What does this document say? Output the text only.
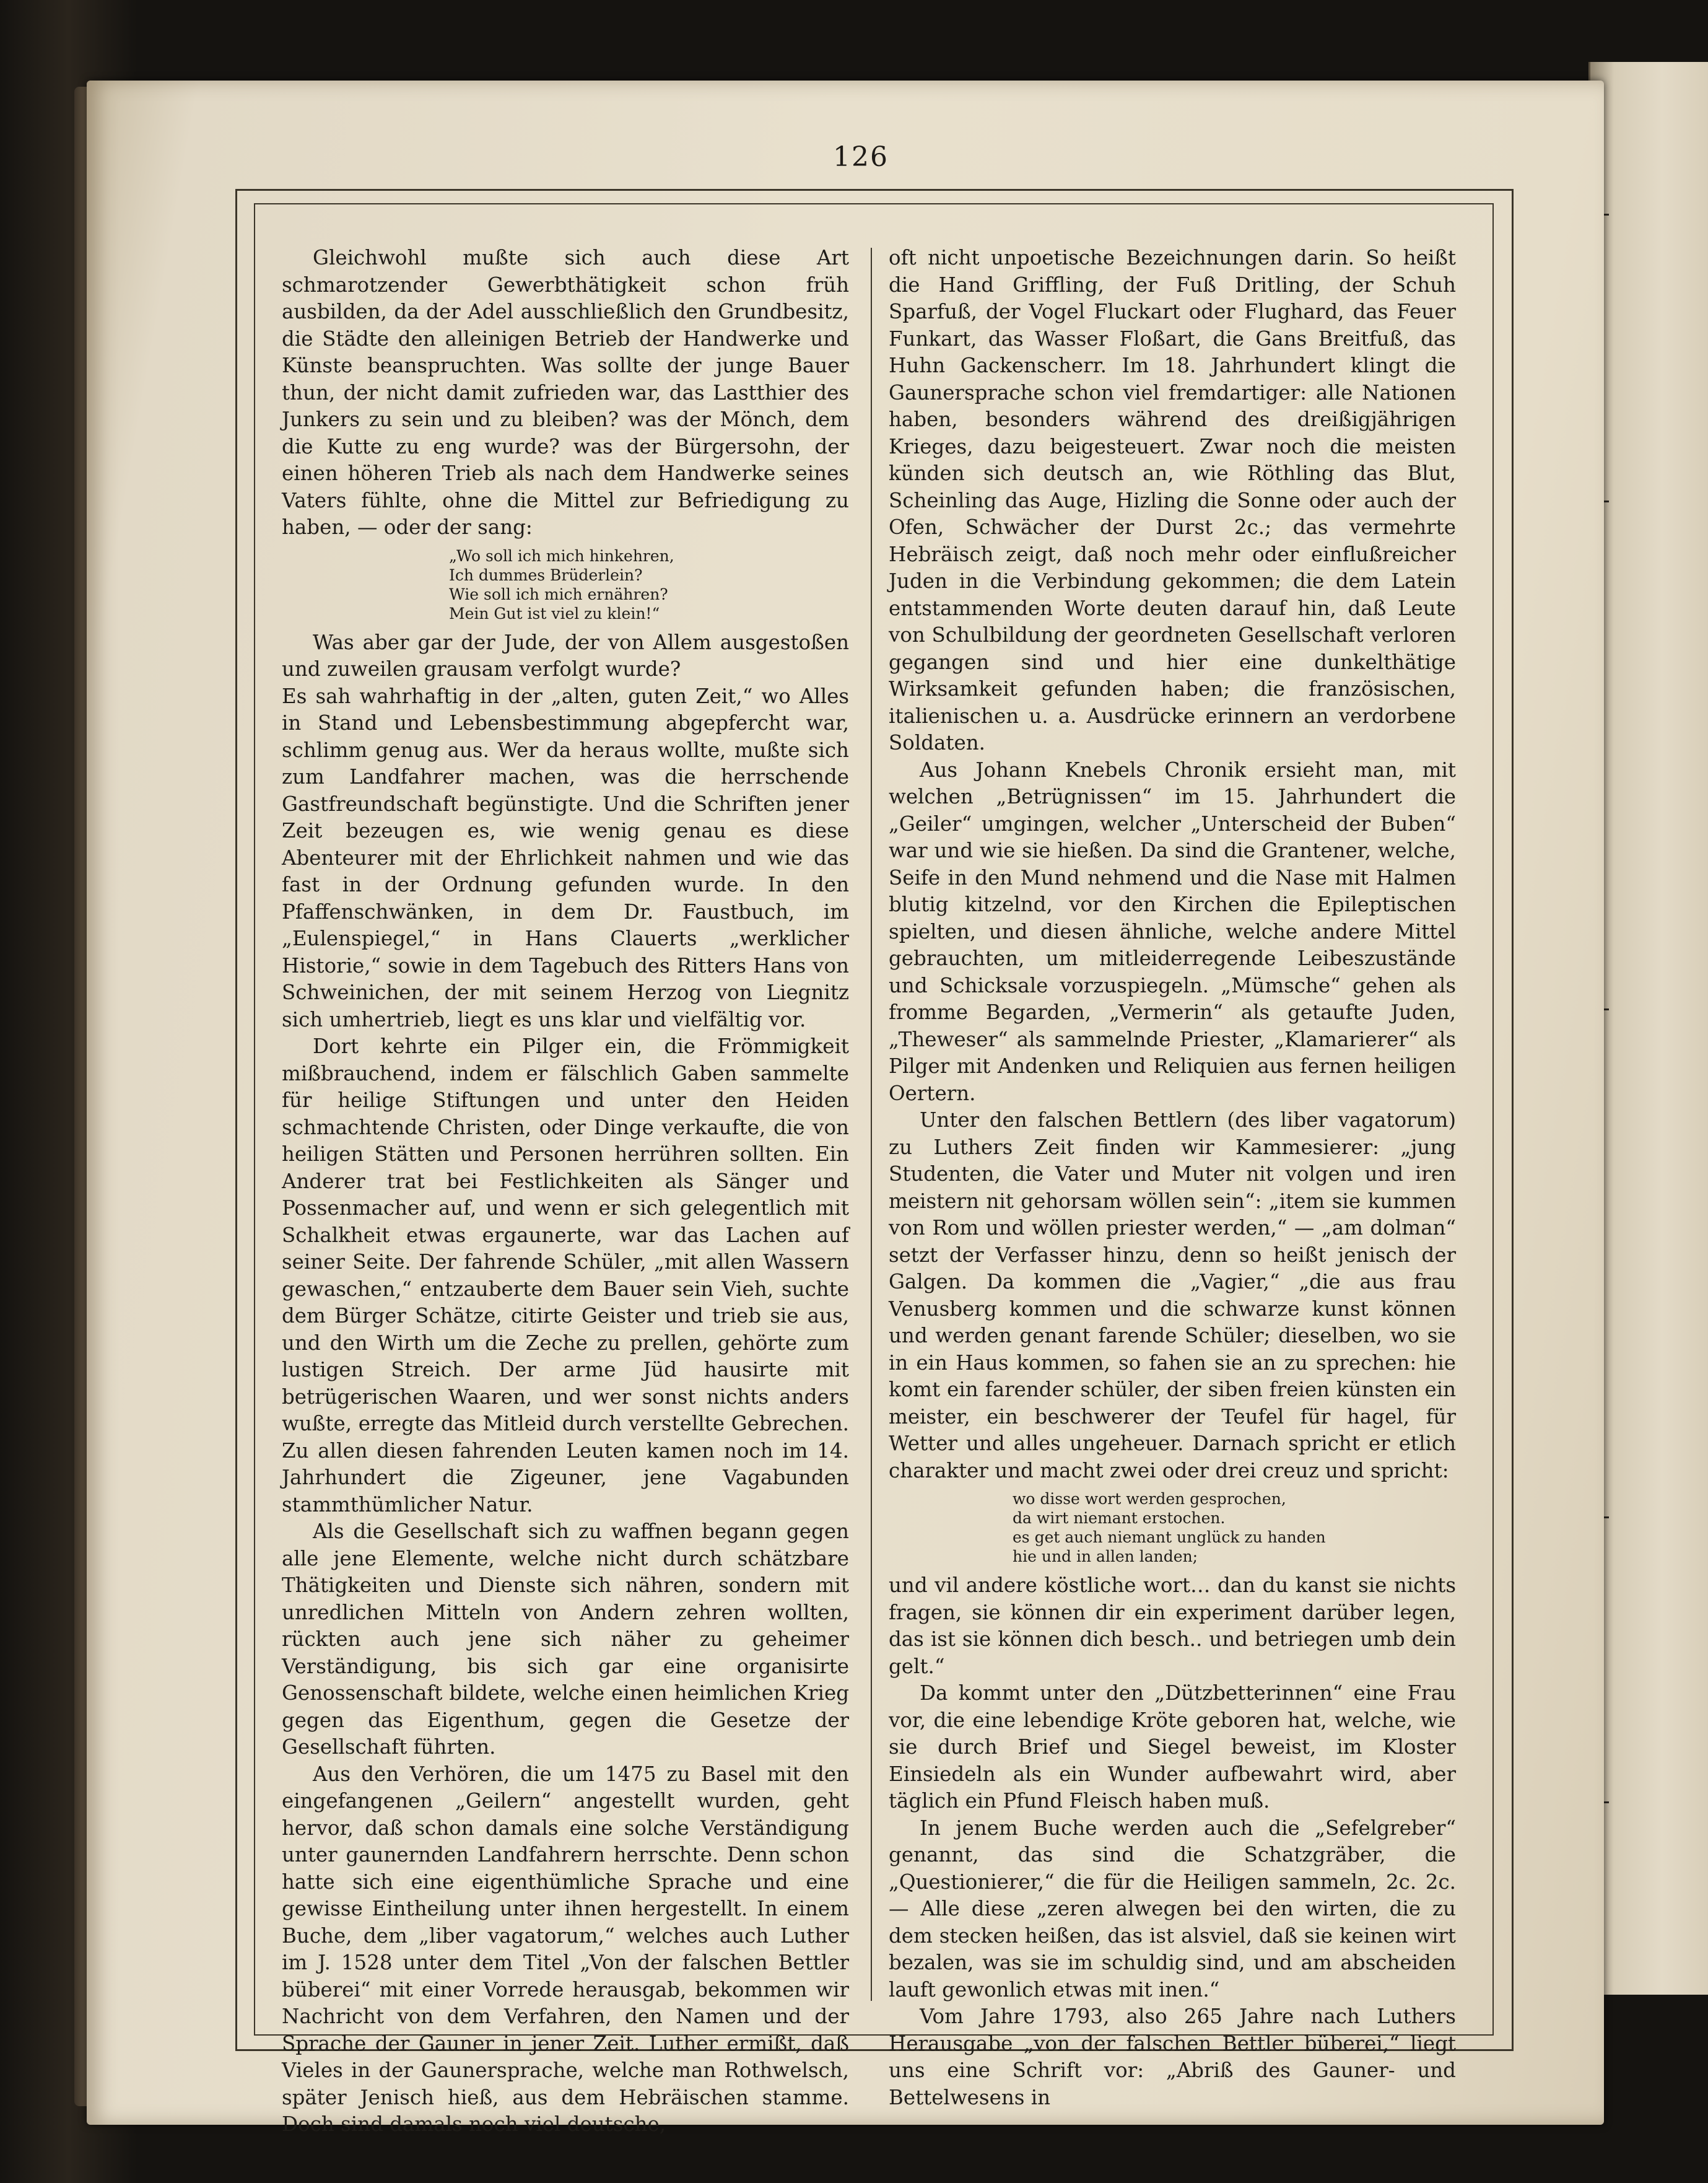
126

Gleichwohl mußte sich auch diese Art schmarotzender Gewerbthätigkeit schon früh ausbilden, da der Adel ausschließlich den Grundbesitz, die Städte den alleinigen Betrieb der Handwerke und Künste beanspruchten. Was sollte der junge Bauer thun, der nicht damit zufrieden war, das Lastthier des Junkers zu sein und zu bleiben? was der Mönch, dem die Kutte zu eng wurde? was der Bürgersohn, der einen höheren Trieb als nach dem Handwerke seines Vaters fühlte, ohne die Mittel zur Befriedigung zu haben, — oder der sang:

„Wo soll ich mich hinkehren,
Ich dummes Brüderlein?
Wie soll ich mich ernähren?
Mein Gut ist viel zu klein!“

Was aber gar der Jude, der von Allem ausgestoßen und zuweilen grausam verfolgt wurde?

Es sah wahrhaftig in der „alten, guten Zeit,“ wo Alles in Stand und Lebensbestimmung abgepfercht war, schlimm genug aus. Wer da heraus wollte, mußte sich zum Landfahrer machen, was die herrschende Gastfreundschaft begünstigte. Und die Schriften jener Zeit bezeugen es, wie wenig genau es diese Abenteurer mit der Ehrlichkeit nahmen und wie das fast in der Ordnung gefunden wurde. In den Pfaffenschwänken, in dem Dr. Faustbuch, im „Eulenspiegel,“ in Hans Clauerts „werklicher Historie,“ sowie in dem Tagebuch des Ritters Hans von Schweinichen, der mit seinem Herzog von Liegnitz sich umhertrieb, liegt es uns klar und vielfältig vor.

Dort kehrte ein Pilger ein, die Frömmigkeit mißbrauchend, indem er fälschlich Gaben sammelte für heilige Stiftungen und unter den Heiden schmachtende Christen, oder Dinge verkaufte, die von heiligen Stätten und Personen herrühren sollten. Ein Anderer trat bei Festlichkeiten als Sänger und Possenmacher auf, und wenn er sich gelegentlich mit Schalkheit etwas ergaunerte, war das Lachen auf seiner Seite. Der fahrende Schüler, „mit allen Wassern gewaschen,“ entzauberte dem Bauer sein Vieh, suchte dem Bürger Schätze, citirte Geister und trieb sie aus, und den Wirth um die Zeche zu prellen, gehörte zum lustigen Streich. Der arme Jüd hausirte mit betrügerischen Waaren, und wer sonst nichts anders wußte, erregte das Mitleid durch verstellte Gebrechen. Zu allen diesen fahrenden Leuten kamen noch im 14. Jahrhundert die Zigeuner, jene Vagabunden stammthümlicher Natur.

Als die Gesellschaft sich zu waffnen begann gegen alle jene Elemente, welche nicht durch schätzbare Thätigkeiten und Dienste sich nähren, sondern mit unredlichen Mitteln von Andern zehren wollten, rückten auch jene sich näher zu geheimer Verständigung, bis sich gar eine organisirte Genossenschaft bildete, welche einen heimlichen Krieg gegen das Eigenthum, gegen die Gesetze der Gesellschaft führten.

Aus den Verhören, die um 1475 zu Basel mit den eingefangenen „Geilern“ angestellt wurden, geht hervor, daß schon damals eine solche Verständigung unter gaunernden Landfahrern herrschte. Denn schon hatte sich eine eigenthümliche Sprache und eine gewisse Eintheilung unter ihnen hergestellt. In einem Buche, dem „liber vagatorum,“ welches auch Luther im J. 1528 unter dem Titel „Von der falschen Bettler büberei“ mit einer Vorrede herausgab, bekommen wir Nachricht von dem Verfahren, den Namen und der Sprache der Gauner in jener Zeit. Luther ermißt, daß Vieles in der Gaunersprache, welche man Rothwelsch, später Jenisch hieß, aus dem Hebräischen stamme. Doch sind damals noch viel deutsche,

oft nicht unpoetische Bezeichnungen darin. So heißt die Hand Griffling, der Fuß Dritling, der Schuh Sparfuß, der Vogel Fluckart oder Flughard, das Feuer Funkart, das Wasser Floßart, die Gans Breitfuß, das Huhn Gackenscherr. Im 18. Jahrhundert klingt die Gaunersprache schon viel fremdartiger: alle Nationen haben, besonders während des dreißigjährigen Krieges, dazu beigesteuert. Zwar noch die meisten künden sich deutsch an, wie Röthling das Blut, Scheinling das Auge, Hizling die Sonne oder auch der Ofen, Schwächer der Durst 2c.; das vermehrte Hebräisch zeigt, daß noch mehr oder einflußreicher Juden in die Verbindung gekommen; die dem Latein entstammenden Worte deuten darauf hin, daß Leute von Schulbildung der geordneten Gesellschaft verloren gegangen sind und hier eine dunkelthätige Wirksamkeit gefunden haben; die französischen, italienischen u. a. Ausdrücke erinnern an verdorbene Soldaten.

Aus Johann Knebels Chronik ersieht man, mit welchen „Betrügnissen“ im 15. Jahrhundert die „Geiler“ umgingen, welcher „Unterscheid der Buben“ war und wie sie hießen. Da sind die Grantener, welche, Seife in den Mund nehmend und die Nase mit Halmen blutig kitzelnd, vor den Kirchen die Epileptischen spielten, und diesen ähnliche, welche andere Mittel gebrauchten, um mitleiderregende Leibeszustände und Schicksale vorzuspiegeln. „Mümsche“ gehen als fromme Begarden, „Vermerin“ als getaufte Juden, „Theweser“ als sammelnde Priester, „Klamarierer“ als Pilger mit Andenken und Reliquien aus fernen heiligen Oertern.

Unter den falschen Bettlern (des liber vagatorum) zu Luthers Zeit finden wir Kammesierer: „jung Studenten, die Vater und Muter nit volgen und iren meistern nit gehorsam wöllen sein“: „item sie kummen von Rom und wöllen priester werden,“ — „am dolman“ setzt der Verfasser hinzu, denn so heißt jenisch der Galgen. Da kommen die „Vagier,“ „die aus frau Venusberg kommen und die schwarze kunst können und werden genant farende Schüler; dieselben, wo sie in ein Haus kommen, so fahen sie an zu sprechen: hie komt ein farender schüler, der siben freien künsten ein meister, ein beschwerer der Teufel für hagel, für Wetter und alles ungeheuer. Darnach spricht er etlich charakter und macht zwei oder drei creuz und spricht:

wo disse wort werden gesprochen,
da wirt niemant erstochen.
es get auch niemant unglück zu handen
hie und in allen landen;

und vil andere köstliche wort… dan du kanst sie nichts fragen, sie können dir ein experiment darüber legen, das ist sie können dich besch.. und betriegen umb dein gelt.“

Da kommt unter den „Dützbetterinnen“ eine Frau vor, die eine lebendige Kröte geboren hat, welche, wie sie durch Brief und Siegel beweist, im Kloster Einsiedeln als ein Wunder aufbewahrt wird, aber täglich ein Pfund Fleisch haben muß.

In jenem Buche werden auch die „Sefelgreber“ genannt, das sind die Schatzgräber, die „Questionierer,“ die für die Heiligen sammeln, 2c. 2c. — Alle diese „zeren alwegen bei den wirten, die zu dem stecken heißen, das ist alsviel, daß sie keinen wirt bezalen, was sie im schuldig sind, und am abscheiden lauft gewonlich etwas mit inen.“

Vom Jahre 1793, also 265 Jahre nach Luthers Herausgabe „von der falschen Bettler büberei,“ liegt uns eine Schrift vor: „Abriß des Gauner- und Bettelwesens in
